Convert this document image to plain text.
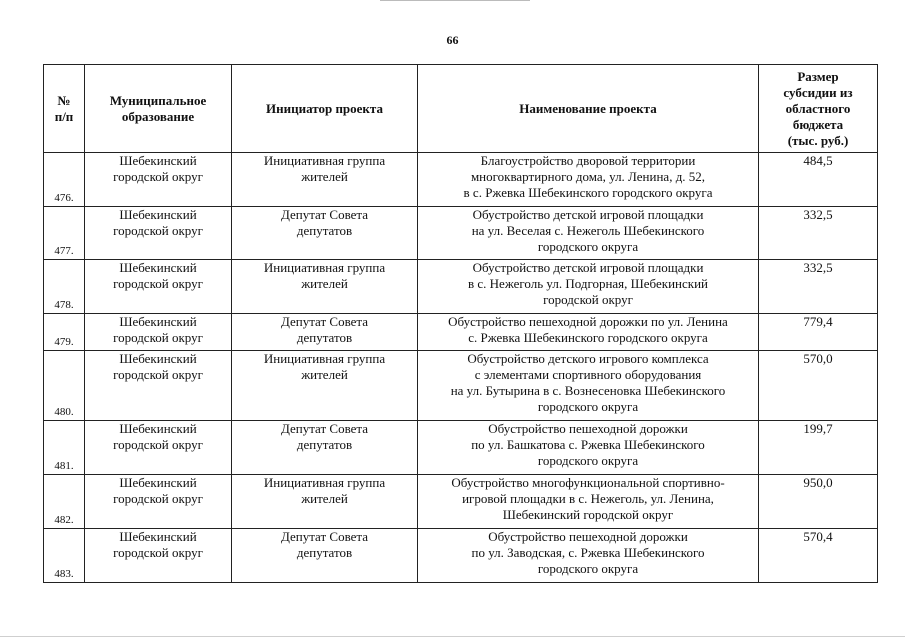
66
№
п/п	Муниципальное
образование	Инициатор проекта	Наименование проекта	Размер
субсидии из
областного
бюджета
(тыс. руб.)
476.	Шебекинский
городской округ	Инициативная группа
жителей	Благоустройство дворовой территории
многоквартирного дома, ул. Ленина, д. 52,
в с. Ржевка Шебекинского городского округа	484,5
477.	Шебекинский
городской округ	Депутат Совета
депутатов	Обустройство детской игровой площадки
на ул. Веселая с. Нежеголь Шебекинского
городского округа	332,5
478.	Шебекинский
городской округ	Инициативная группа
жителей	Обустройство детской игровой площадки
в с. Нежеголь ул. Подгорная, Шебекинский
городской округ	332,5
479.	Шебекинский
городской округ	Депутат Совета
депутатов	Обустройство пешеходной дорожки по ул. Ленина
с. Ржевка Шебекинского городского округа	779,4
480.	Шебекинский
городской округ	Инициативная группа
жителей	Обустройство детского игрового комплекса
с элементами спортивного оборудования
на ул. Бутырина в с. Вознесеновка Шебекинского
городского округа	570,0
481.	Шебекинский
городской округ	Депутат Совета
депутатов	Обустройство пешеходной дорожки
по ул. Башкатова с. Ржевка Шебекинского
городского округа	199,7
482.	Шебекинский
городской округ	Инициативная группа
жителей	Обустройство многофункциональной спортивно-
игровой площадки в с. Нежеголь, ул. Ленина,
Шебекинский городской округ	950,0
483.	Шебекинский
городской округ	Депутат Совета
депутатов	Обустройство пешеходной дорожки
по ул. Заводская, с. Ржевка Шебекинского
городского округа	570,4
